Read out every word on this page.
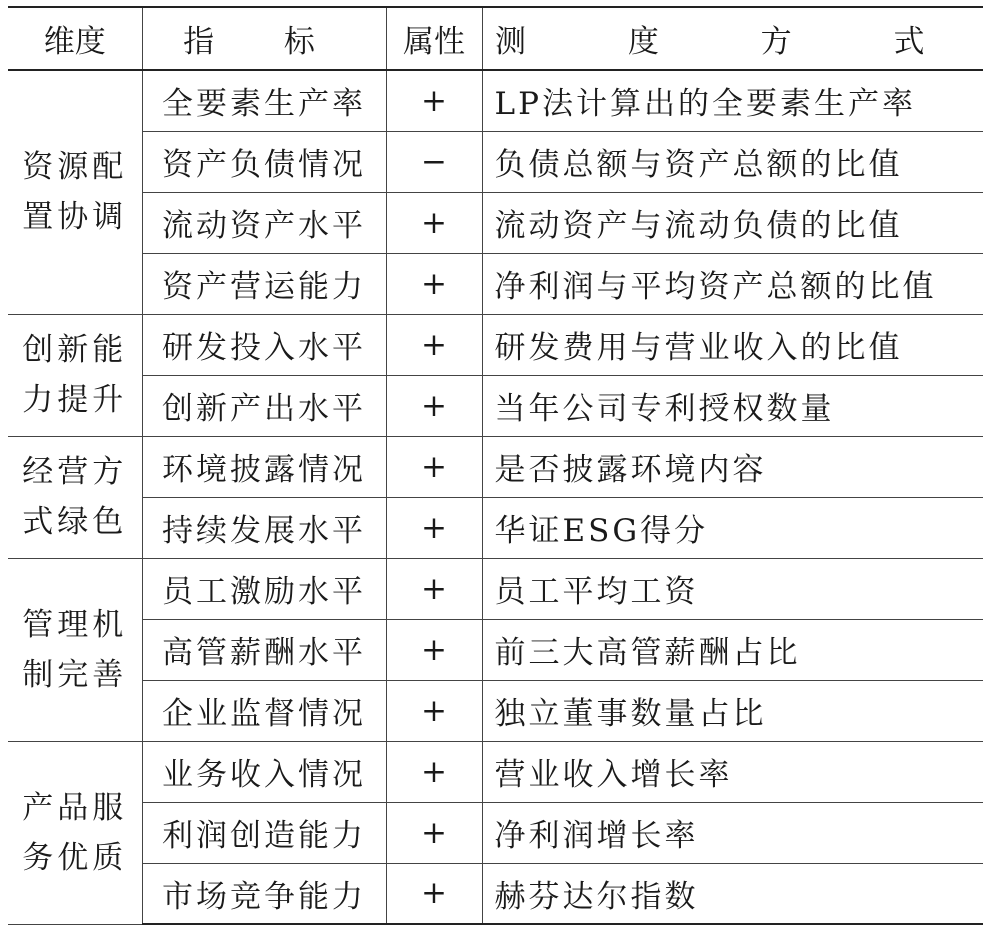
维度	指 标	属性	测 度 方 式
资源配置协调	全要素生产率	+	LP法计算出的全要素生产率
	资产负债情况	−	负债总额与资产总额的比值
	流动资产水平	+	流动资产与流动负债的比值
	资产营运能力	+	净利润与平均资产总额的比值
创新能力提升	研发投入水平	+	研发费用与营业收入的比值
	创新产出水平	+	当年公司专利授权数量
经营方式绿色	环境披露情况	+	是否披露环境内容
	持续发展水平	+	华证ESG得分
管理机制完善	员工激励水平	+	员工平均工资
	高管薪酬水平	+	前三大高管薪酬占比
	企业监督情况	+	独立董事数量占比
产品服务优质	业务收入情况	+	营业收入增长率
	利润创造能力	+	净利润增长率
	市场竞争能力	+	赫芬达尔指数
